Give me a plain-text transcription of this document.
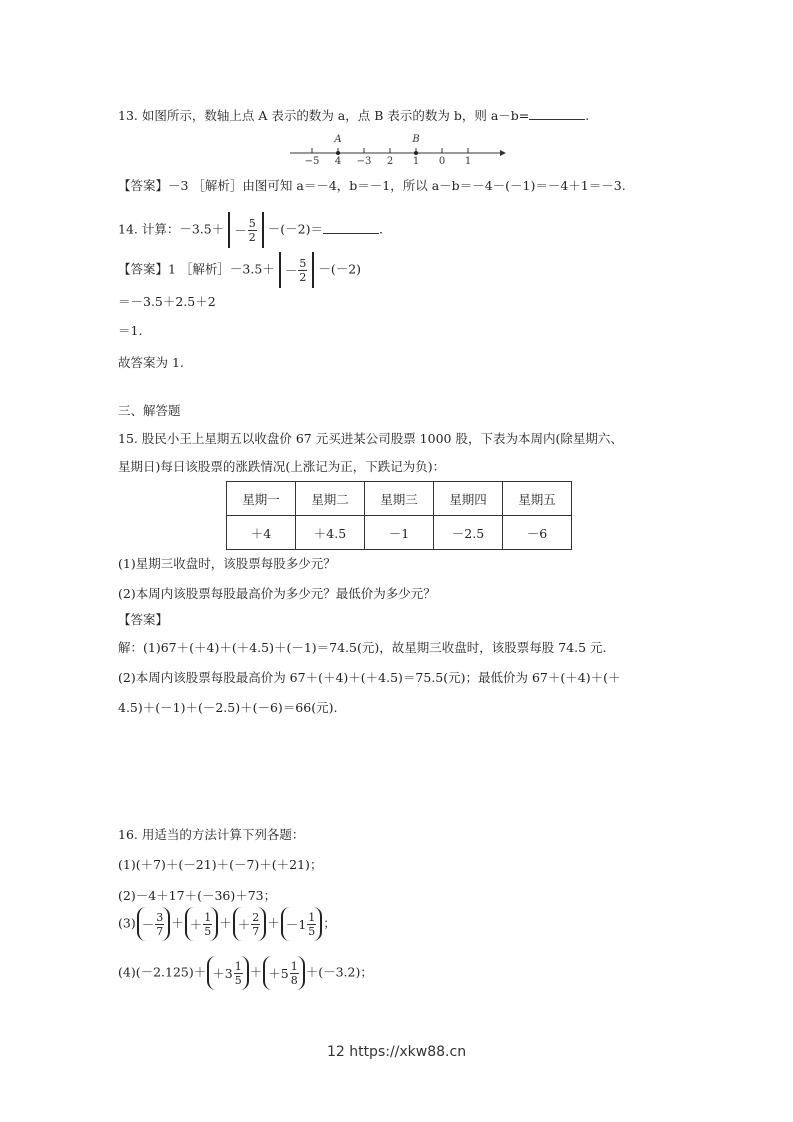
13. 如图所示，数轴上点 A 表示的数为 a，点 B 表示的数为 b，则 a－b=	.
−5 4 −3 2 1 0 1
A	B
【答案】－3 ［解析］由图可知 a＝－4，b＝－1，所以 a－b＝－4－(－1)＝－4＋1＝－3.
14. 计算：$-3.5+ - \frac{5}{2} -(-2)=$	.
【答案】1 ［解析］－3.5＋ － $\frac{5}{2} -(-2)$
＝－3.5＋2.5＋2
＝1.
故答案为 1.
三、解答题
15. 股民小王上星期五以收盘价 67 元买进某公司股票 1000 股，下表为本周内(除星期六、
星期日)每日该股票的涨跌情况(上涨记为正，下跌记为负)：
星期一	星期二	星期三	星期四	星期五
＋4	＋4.5	－1	－2.5	－6
(1)星期三收盘时，该股票每股多少元？
(2)本周内该股票每股最高价为多少元？最低价为多少元？
【答案】
解：(1)67＋(＋4)＋(＋4.5)＋(－1)＝74.5(元)，故星期三收盘时，该股票每股 74.5 元.
(2)本周内该股票每股最高价为 67＋(＋4)＋(＋4.5)＝75.5(元)；最低价为 67＋(＋4)＋(＋
4.5)＋(－1)＋(－2.5)＋(－6)＝66(元).
16. 用适当的方法计算下列各题：
(1)(＋7)＋(－21)＋(－7)＋(＋21)；
(2)－4＋17＋(－36)＋73；
$(3) - \frac{3}{7}$ ＋ ＋ $\frac{1}{5}$ ＋ ＋ $\frac{2}{7}$ ＋ － $1 \frac{1}{5}$ ；
$(4)(-2.125)+ + 3 \frac{1}{5}$ ＋ ＋ $5 \frac{1}{8} +(-3.2)$；
12 https://xkw88.cn
